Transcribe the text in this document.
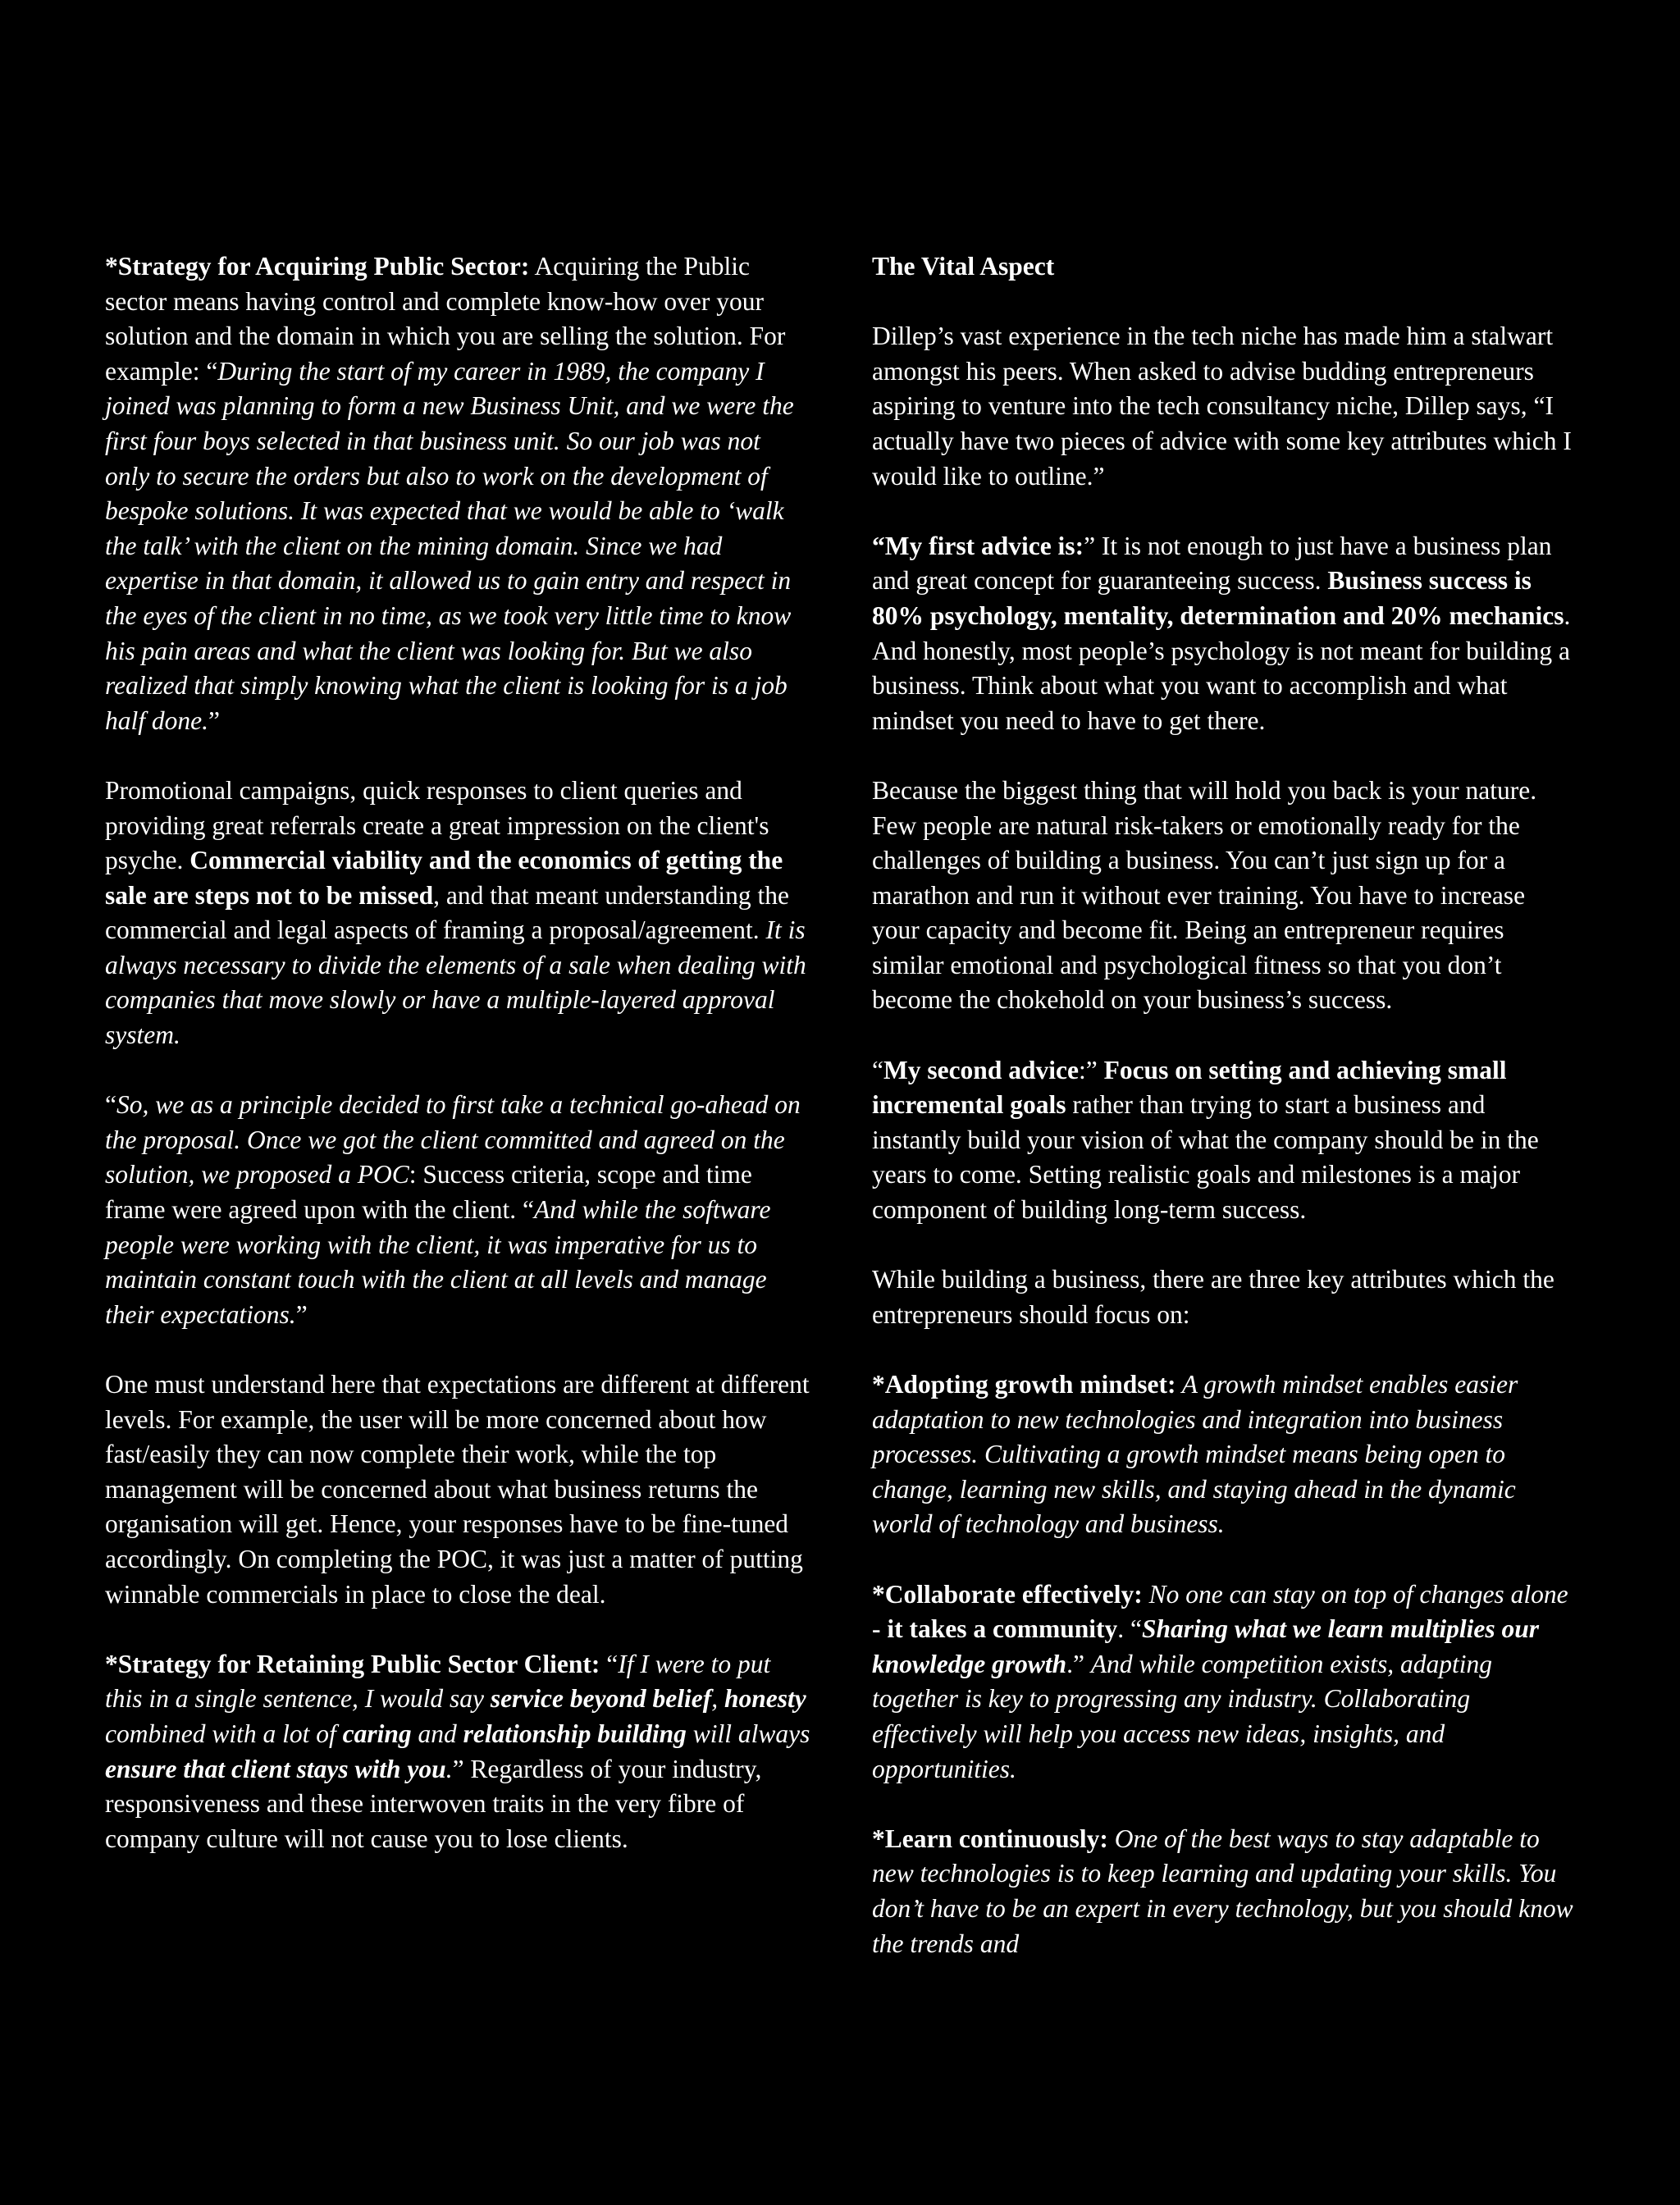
*Strategy for Acquiring Public Sector: Acquiring the Public sector means having control and complete know-how over your solution and the domain in which you are selling the solution. For example: “During the start of my career in 1989, the company I joined was planning to form a new Business Unit, and we were the first four boys selected in that business unit. So our job was not only to secure the orders but also to work on the development of bespoke solutions. It was expected that we would be able to ‘walk the talk’ with the client on the mining domain. Since we had expertise in that domain, it allowed us to gain entry and respect in the eyes of the client in no time, as we took very little time to know his pain areas and what the client was looking for. But we also realized that simply knowing what the client is looking for is a job half done.”

Promotional campaigns, quick responses to client queries and providing great referrals create a great impression on the client's psyche. Commercial viability and the economics of getting the sale are steps not to be missed, and that meant understanding the commercial and legal aspects of framing a proposal/agreement. It is always necessary to divide the elements of a sale when dealing with companies that move slowly or have a multiple-layered approval system.

“So, we as a principle decided to first take a technical go-ahead on the proposal. Once we got the client committed and agreed on the solution, we proposed a POC: Success criteria, scope and time frame were agreed upon with the client. “And while the software people were working with the client, it was imperative for us to maintain constant touch with the client at all levels and manage their expectations.”

One must understand here that expectations are different at different levels. For example, the user will be more concerned about how fast/easily they can now complete their work, while the top management will be concerned about what business returns the organisation will get. Hence, your responses have to be fine-tuned accordingly. On completing the POC, it was just a matter of putting winnable commercials in place to close the deal.

*Strategy for Retaining Public Sector Client: “If I were to put this in a single sentence, I would say service beyond belief, honesty combined with a lot of caring and relationship building will always ensure that client stays with you.” Regardless of your industry, responsiveness and these interwoven traits in the very fibre of company culture will not cause you to lose clients.

The Vital Aspect

Dillep’s vast experience in the tech niche has made him a stalwart amongst his peers. When asked to advise budding entrepreneurs aspiring to venture into the tech consultancy niche, Dillep says, “I actually have two pieces of advice with some key attributes which I would like to outline.”

“My first advice is:” It is not enough to just have a business plan and great concept for guaranteeing success. Business success is 80% psychology, mentality, determination and 20% mechanics. And honestly, most people’s psychology is not meant for building a business. Think about what you want to accomplish and what mindset you need to have to get there.

Because the biggest thing that will hold you back is your nature. Few people are natural risk-takers or emotionally ready for the challenges of building a business. You can’t just sign up for a marathon and run it without ever training. You have to increase your capacity and become fit. Being an entrepreneur requires similar emotional and psychological fitness so that you don’t become the chokehold on your business’s success.

“My second advice:” Focus on setting and achieving small incremental goals rather than trying to start a business and instantly build your vision of what the company should be in the years to come. Setting realistic goals and milestones is a major component of building long-term success.

While building a business, there are three key attributes which the entrepreneurs should focus on:

*Adopting growth mindset: A growth mindset enables easier adaptation to new technologies and integration into business processes. Cultivating a growth mindset means being open to change, learning new skills, and staying ahead in the dynamic world of technology and business.

*Collaborate effectively: No one can stay on top of changes alone - it takes a community. “Sharing what we learn multiplies our knowledge growth.” And while competition exists, adapting together is key to progressing any industry. Collaborating effectively will help you access new ideas, insights, and opportunities.

*Learn continuously: One of the best ways to stay adaptable to new technologies is to keep learning and updating your skills. You don’t have to be an expert in every technology, but you should know the trends and
